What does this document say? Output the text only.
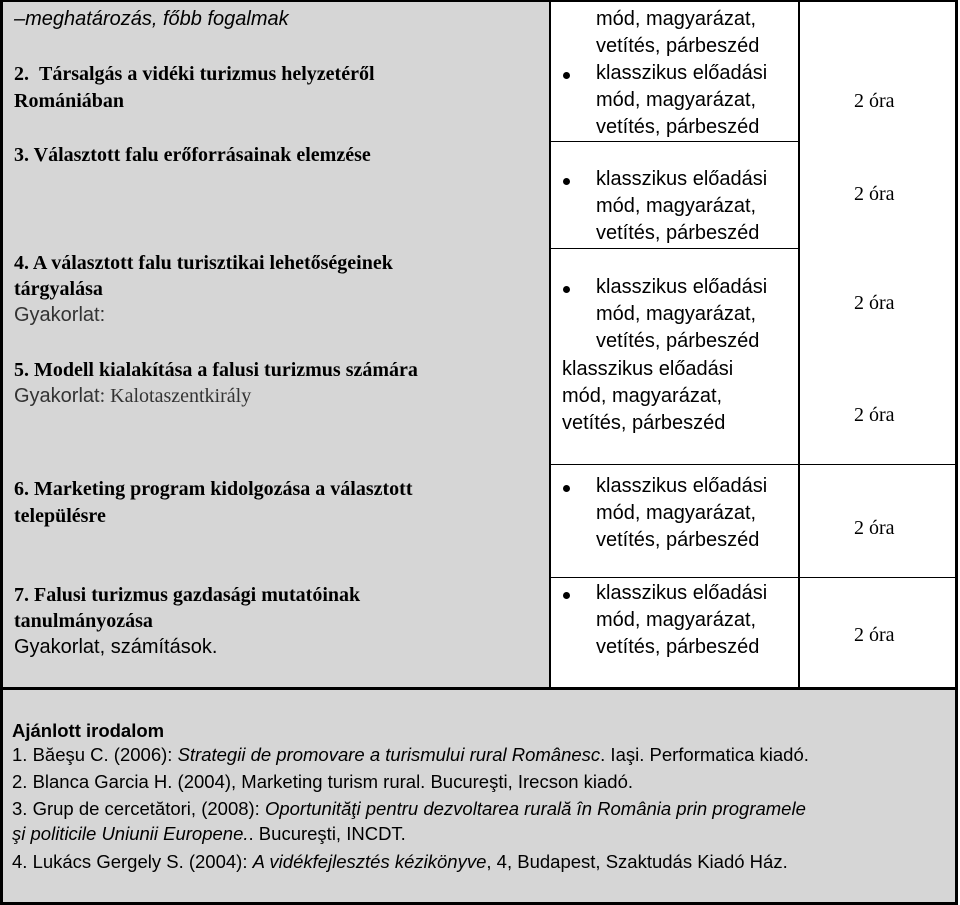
–meghatározás, főbb fogalmak
2. Társalgás a vidéki turizmus helyzetéről
Romániában
3. Választott falu erőforrásainak elemzése
4. A választott falu turisztikai lehetőségeinek
tárgyalása
Gyakorlat:
5. Modell kialakítása a falusi turizmus számára
Gyakorlat: Kalotaszentkirály
6. Marketing program kidolgozása a választott
településre
7. Falusi turizmus gazdasági mutatóinak
tanulmányozása
Gyakorlat, számítások.
mód, magyarázat,
vetítés, párbeszéd
klasszikus előadási
mód, magyarázat,
vetítés, párbeszéd
klasszikus előadási
mód, magyarázat,
vetítés, párbeszéd
klasszikus előadási
mód, magyarázat,
vetítés, párbeszéd
klasszikus előadási
mód, magyarázat,
vetítés, párbeszéd
klasszikus előadási
mód, magyarázat,
vetítés, párbeszéd
klasszikus előadási
mód, magyarázat,
vetítés, párbeszéd
2 óra
2 óra
2 óra
2 óra
2 óra
2 óra
Ajánlott irodalom
1. Băeşu C. (2006): Strategii de promovare a turismului rural Românesc. Iaşi. Performatica kiadó.
2. Blanca Garcia H. (2004), Marketing turism rural. Bucureşti, Irecson kiadó.
3. Grup de cercetători, (2008): Oportunităţi pentru dezvoltarea rurală în România prin programele
şi politicile Uniunii Europene.. Bucureşti, INCDT.
4. Lukács Gergely S. (2004): A vidékfejlesztés kézikönyve, 4, Budapest, Szaktudás Kiadó Ház.
